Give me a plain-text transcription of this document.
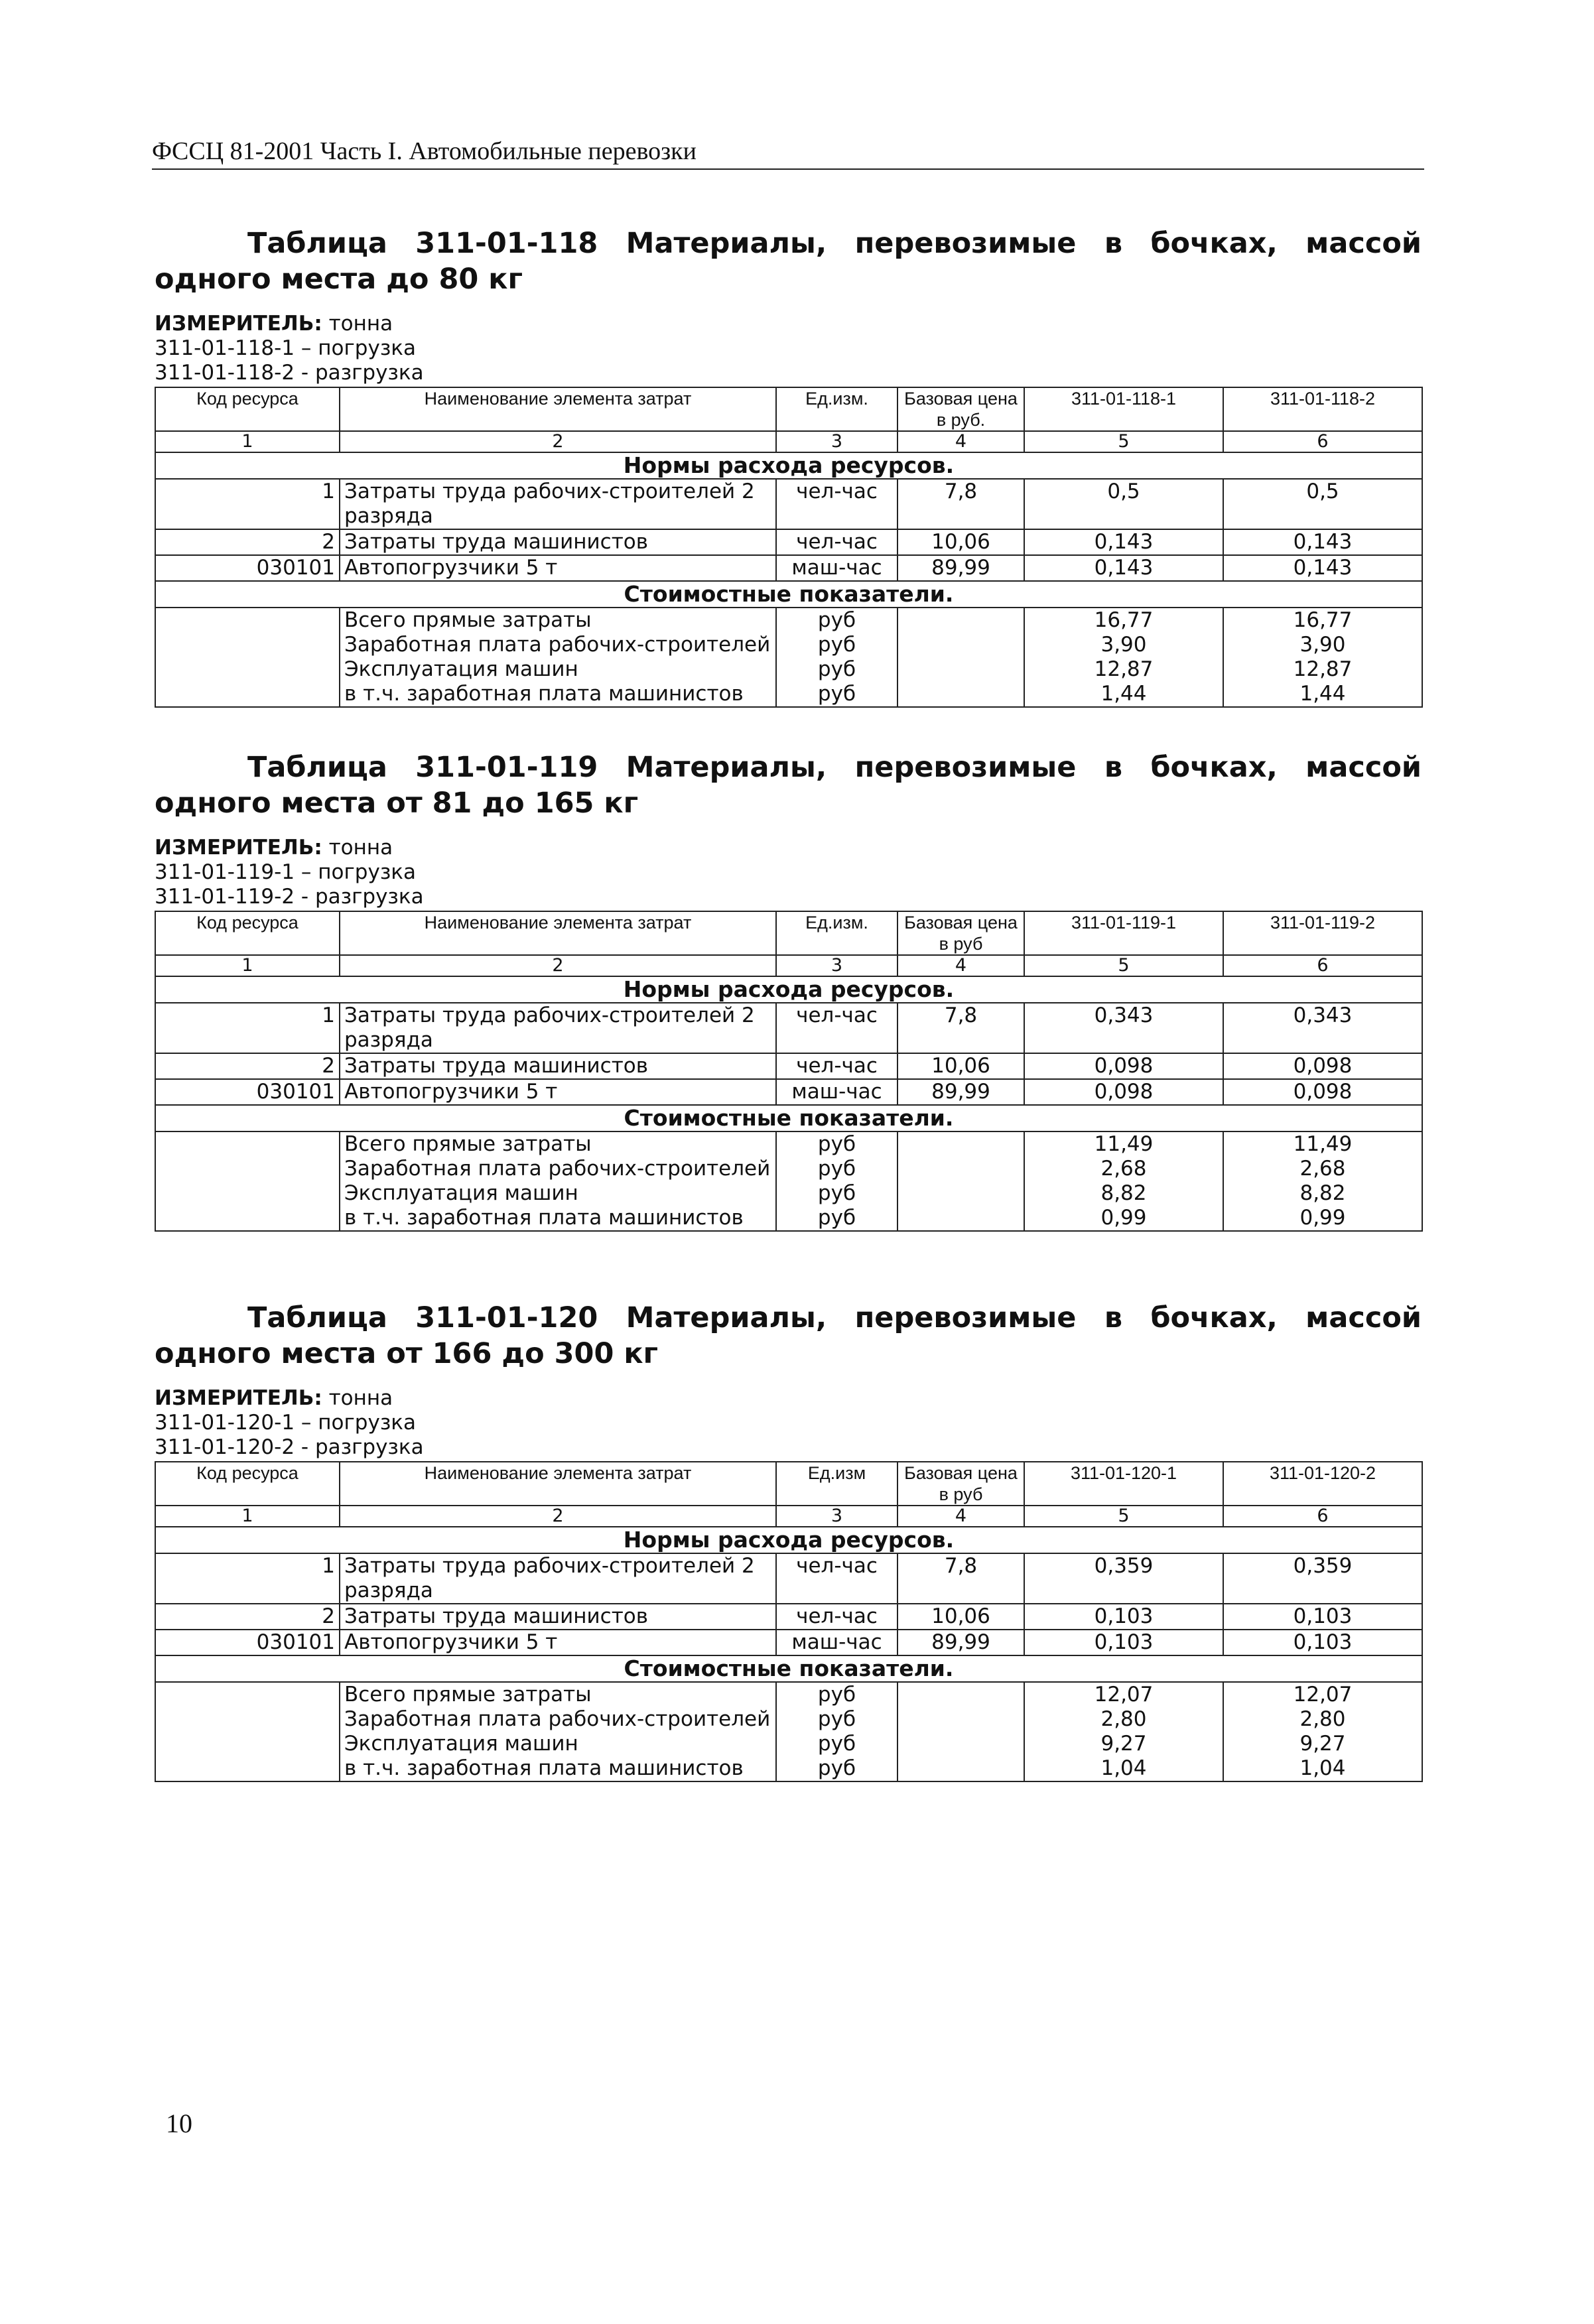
ФССЦ 81-2001 Часть I. Автомобильные перевозки
Таблица 311-01-118 Материалы, перевозимые в бочках, массой одного места до 80 кг
ИЗМЕРИТЕЛЬ: тонна
311-01-118-1 – погрузка
311-01-118-2 - разгрузка
Код ресурса	Наименование элемента затрат	Ед.изм.	Базовая цена в руб.	311-01-118-1	311-01-118-2
1	2	3	4	5	6
Нормы расхода ресурсов.					
1	Затраты труда рабочих-строителей 2 разряда	чел-час	7,8	0,5	0,5
2	Затраты труда машинистов	чел-час	10,06	0,143	0,143
030101	Автопогрузчики 5 т	маш-час	89,99	0,143	0,143
Стоимостные показатели.					
	Всего прямые затраты	руб		16,77	16,77
	Заработная плата рабочих-строителей	руб		3,90	3,90
	Эксплуатация машин	руб		12,87	12,87
	в т.ч. заработная плата машинистов	руб		1,44	1,44
Таблица 311-01-119 Материалы, перевозимые в бочках, массой одного места от 81 до 165 кг
ИЗМЕРИТЕЛЬ: тонна
311-01-119-1 – погрузка
311-01-119-2 - разгрузка
Код ресурса	Наименование элемента затрат	Ед.изм.	Базовая цена в руб	311-01-119-1	311-01-119-2
1	2	3	4	5	6
Нормы расхода ресурсов.					
1	Затраты труда рабочих-строителей 2 разряда	чел-час	7,8	0,343	0,343
2	Затраты труда машинистов	чел-час	10,06	0,098	0,098
030101	Автопогрузчики 5 т	маш-час	89,99	0,098	0,098
Стоимостные показатели.					
	Всего прямые затраты	руб		11,49	11,49
	Заработная плата рабочих-строителей	руб		2,68	2,68
	Эксплуатация машин	руб		8,82	8,82
	в т.ч. заработная плата машинистов	руб		0,99	0,99
Таблица 311-01-120 Материалы, перевозимые в бочках, массой одного места от 166 до 300 кг
ИЗМЕРИТЕЛЬ: тонна
311-01-120-1 – погрузка
311-01-120-2 - разгрузка
Код ресурса	Наименование элемента затрат	Ед.изм	Базовая цена в руб	311-01-120-1	311-01-120-2
1	2	3	4	5	6
Нормы расхода ресурсов.					
1	Затраты труда рабочих-строителей 2 разряда	чел-час	7,8	0,359	0,359
2	Затраты труда машинистов	чел-час	10,06	0,103	0,103
030101	Автопогрузчики 5 т	маш-час	89,99	0,103	0,103
Стоимостные показатели.					
	Всего прямые затраты	руб		12,07	12,07
	Заработная плата рабочих-строителей	руб		2,80	2,80
	Эксплуатация машин	руб		9,27	9,27
	в т.ч. заработная плата машинистов	руб		1,04	1,04
10
